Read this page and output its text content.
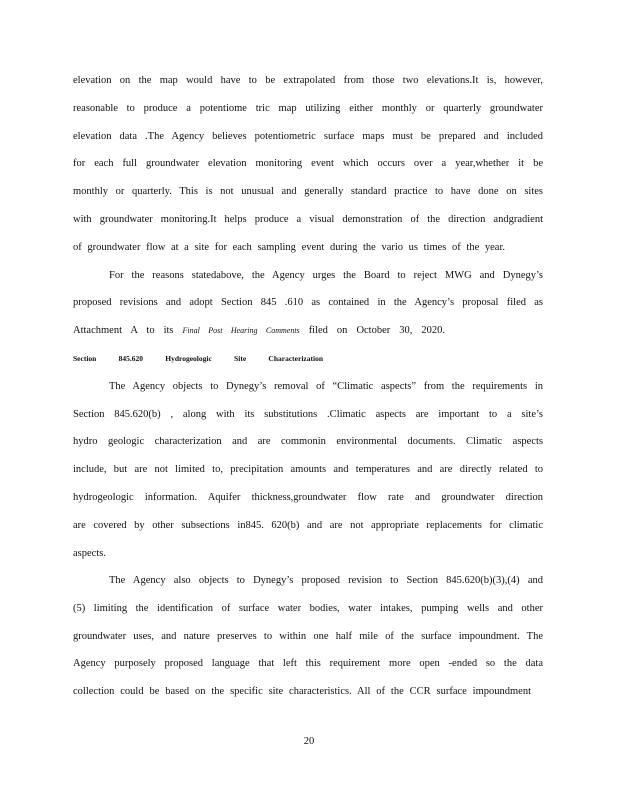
elevation on the map would have to be extrapolated from those two elevations.It is, however,
reasonable to produce a potentiome tric map utilizing either monthly or quarterly groundwater
elevation data .The Agency believes potentiometric surface maps must be prepared and included
for each full groundwater elevation monitoring event which occurs over a year,whether it be
monthly or quarterly. This is not unusual and generally standard practice to have done on sites
with groundwater monitoring.It helps produce a visual demonstration of the direction andgradient
of groundwater flow at a site for each sampling event during the vario us times of the year.
For the reasons statedabove, the Agency urges the Board to reject MWG and Dynegy’s
proposed revisions and adopt Section 845 .610 as contained in the Agency’s proposal filed as
Attachment A to its Final Post Hearing Comments filed on October 30, 2020.
Section 845.620 Hydrogeologic Site Characterization
The Agency objects to Dynegy’s removal of “Climatic aspects” from the requirements in
Section 845.620(b) , along with its substitutions .Climatic aspects are important to a site’s
hydro geologic characterization and are commonin environmental documents. Climatic aspects
include, but are not limited to, precipitation amounts and temperatures and are directly related to
hydrogeologic information. Aquifer thickness,groundwater flow rate and groundwater direction
are covered by other subsections in845. 620(b) and are not appropriate replacements for climatic
aspects.
The Agency also objects to Dynegy’s proposed revision to Section 845.620(b)(3),(4) and
(5) limiting the identification of surface water bodies, water intakes, pumping wells and other
groundwater uses, and nature preserves to within one half mile of the surface impoundment. The
Agency purposely proposed language that left this requirement more open -ended so the data
collection could be based on the specific site characteristics. All of the CCR surface impoundment
20
